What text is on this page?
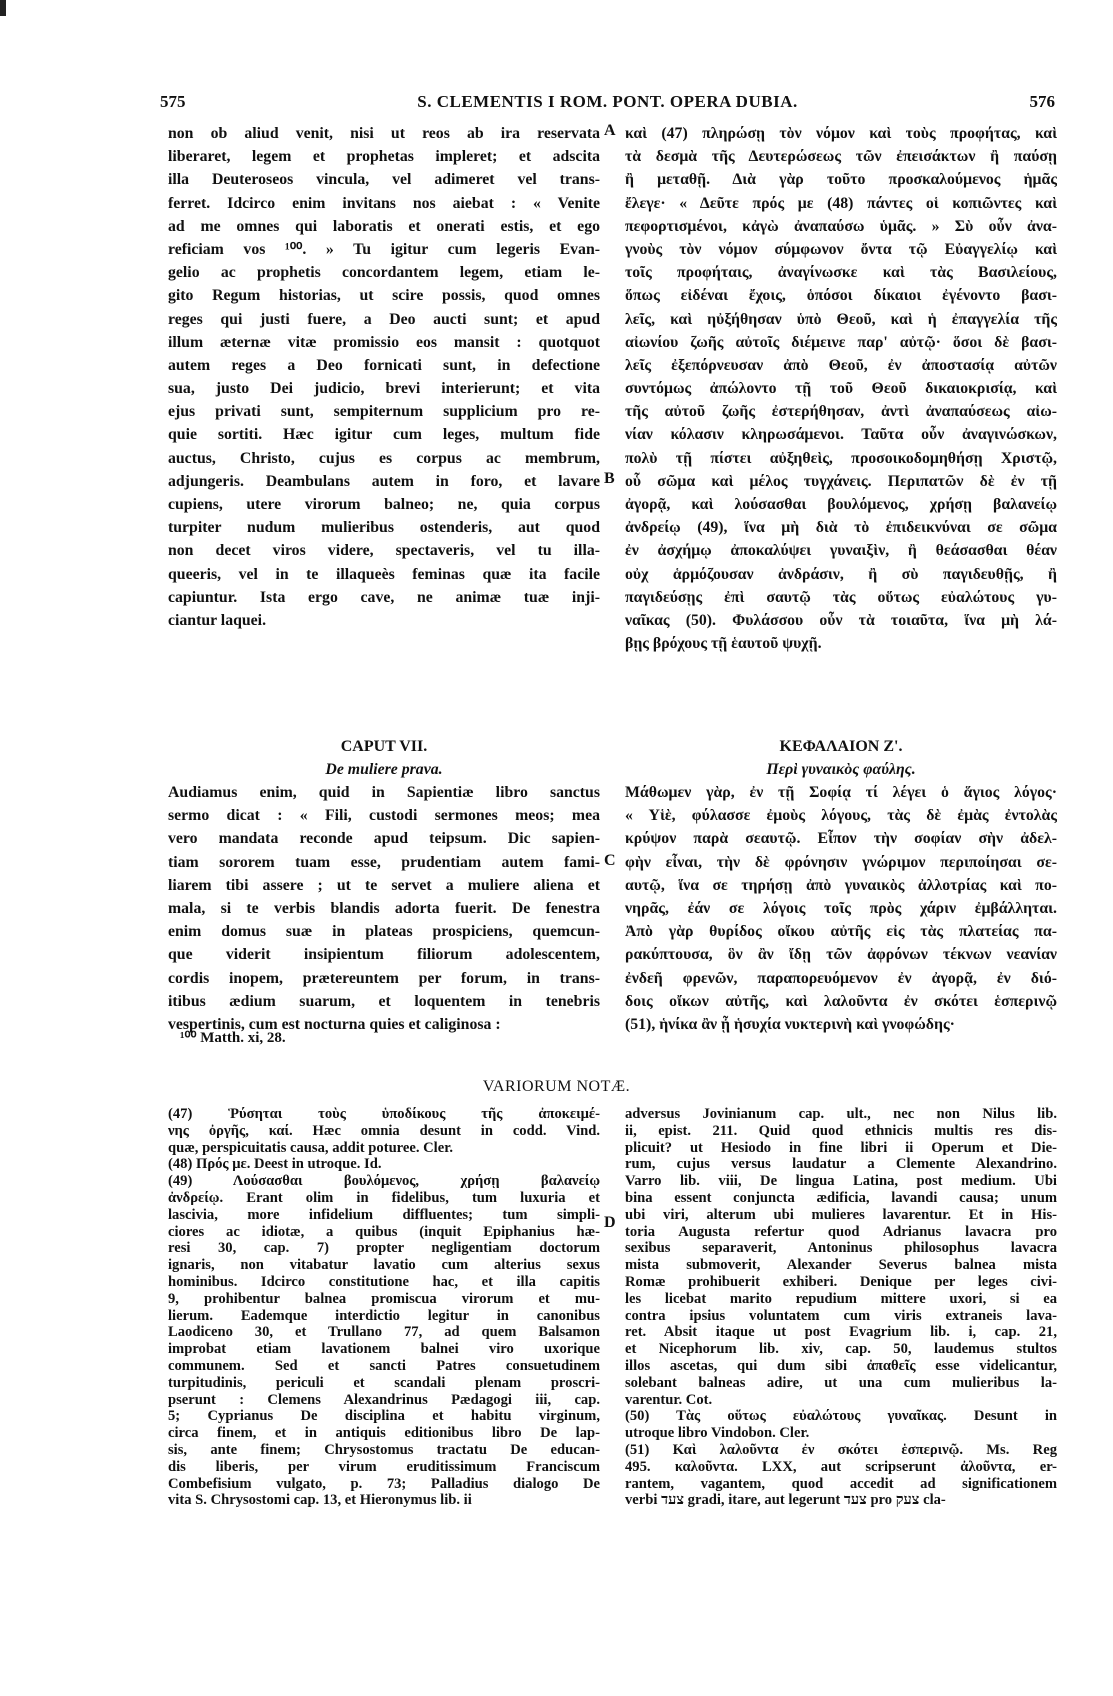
575	S. CLEMENTIS I ROM. PONT. OPERA DUBIA.	576
non ob aliud venit, nisi ut reos ab ira reservata
liberaret, legem et prophetas impleret; et adscita
illa Deuteroseos vincula, vel adimeret vel trans-
ferret. Idcirco enim invitans nos aiebat : « Venite
ad me omnes qui laboratis et onerati estis, et ego
reficiam vos ¹⁰⁰. » Tu igitur cum legeris Evan-
gelio ac prophetis concordantem legem, etiam le-
gito Regum historias, ut scire possis, quod omnes
reges qui justi fuere, a Deo aucti sunt; et apud
illum æternæ vitæ promissio eos mansit : quotquot
autem reges a Deo fornicati sunt, in defectione
sua, justo Dei judicio, brevi interierunt; et vita
ejus privati sunt, sempiternum supplicium pro re-
quie sortiti. Hæc igitur cum leges, multum fide
auctus, Christo, cujus es corpus ac membrum,
adjungeris. Deambulans autem in foro, et lavare
cupiens, utere virorum balneo; ne, quia corpus
turpiter nudum mulieribus ostenderis, aut quod
non decet viros videre, spectaveris, vel tu illa-
queeris, vel in te illaqueès feminas quæ ita facile
capiuntur. Ista ergo cave, ne animæ tuæ inji-
ciantur laquei.
καὶ (47) πληρώσῃ τὸν νόμον καὶ τοὺς προφήτας, καὶ
τὰ δεσμὰ τῆς Δευτερώσεως τῶν ἐπεισάκτων ἢ παύσῃ
ἢ μεταθῇ. Διὰ γὰρ τοῦτο προσκαλούμενος ἡμᾶς
ἔλεγε· « Δεῦτε πρός με (48) πάντες οἱ κοπιῶντες καὶ
πεφορτισμένοι, κἀγὼ ἀναπαύσω ὑμᾶς. » Σὺ οὖν ἀνα-
γνοὺς τὸν νόμον σύμφωνον ὄντα τῷ Εὐαγγελίῳ καὶ
τοῖς προφήταις, ἀναγίνωσκε καὶ τὰς Βασιλείους,
ὅπως εἰδέναι ἔχοις, ὁπόσοι δίκαιοι ἐγένοντο βασι-
λεῖς, καὶ ηὐξήθησαν ὑπὸ Θεοῦ, καὶ ἡ ἐπαγγελία τῆς
αἰωνίου ζωῆς αὐτοῖς διέμεινε παρ' αὐτῷ· ὅσοι δὲ βασι-
λεῖς ἐξεπόρνευσαν ἀπὸ Θεοῦ, ἐν ἀποστασίᾳ αὐτῶν
συντόμως ἀπώλοντο τῇ τοῦ Θεοῦ δικαιοκρισίᾳ, καὶ
τῆς αὐτοῦ ζωῆς ἐστερήθησαν, ἀντὶ ἀναπαύσεως αἰω-
νίαν κόλασιν κληρωσάμενοι. Ταῦτα οὖν ἀναγινώσκων,
πολὺ τῇ πίστει αὐξηθεὶς, προσοικοδομηθήσῃ Χριστῷ,
οὗ σῶμα καὶ μέλος τυγχάνεις. Περιπατῶν δὲ ἐν τῇ
ἀγορᾷ, καὶ λούσασθαι βουλόμενος, χρήσῃ βαλανείῳ
ἀνδρείῳ (49), ἵνα μὴ διὰ τὸ ἐπιδεικνύναι σε σῶμα
ἐν ἀσχήμῳ ἀποκαλύψει γυναιξὶν, ἢ θεάσασθαι θέαν
οὐχ ἁρμόζουσαν ἀνδράσιν, ἢ σὺ παγιδευθῇς, ἢ
παγιδεύσῃς ἐπὶ σαυτῷ τὰς οὕτως εὐαλώτους γυ-
ναῖκας (50). Φυλάσσου οὖν τὰ τοιαῦτα, ἵνα μὴ λά-
βῃς βρόχους τῇ ἑαυτοῦ ψυχῇ.
A
B
C
D
CAPUT VII.
De muliere prava.
Audiamus enim, quid in Sapientiæ libro sanctus
sermo dicat : « Fili, custodi sermones meos; mea
vero mandata reconde apud teipsum. Dic sapien-
tiam sororem tuam esse, prudentiam autem fami-
liarem tibi assere ; ut te servet a muliere aliena et
mala, si te verbis blandis adorta fuerit. De fenestra
enim domus suæ in plateas prospiciens, quemcun-
que viderit insipientum filiorum adolescentem,
cordis inopem, prætereuntem per forum, in trans-
itibus ædium suarum, et loquentem in tenebris
vespertinis, cum est nocturna quies et caliginosa :
ΚΕΦΑΛΑΙΟΝ Ζ'.
Περὶ γυναικὸς φαύλης.
Μάθωμεν γὰρ, ἐν τῇ Σοφίᾳ τί λέγει ὁ ἅγιος λόγος·
« Υἱὲ, φύλασσε ἐμοὺς λόγους, τὰς δὲ ἐμὰς ἐντολὰς
κρύψον παρὰ σεαυτῷ. Εἶπον τὴν σοφίαν σὴν ἀδελ-
φὴν εἶναι, τὴν δὲ φρόνησιν γνώριμον περιποίησαι σε-
αυτῷ, ἵνα σε τηρήσῃ ἀπὸ γυναικὸς ἀλλοτρίας καὶ πο-
νηρᾶς, ἐάν σε λόγοις τοῖς πρὸς χάριν ἐμβάλληται.
Ἀπὸ γὰρ θυρίδος οἴκου αὐτῆς εἰς τὰς πλατείας πα-
ρακύπτουσα, ὃν ἂν ἴδῃ τῶν ἀφρόνων τέκνων νεανίαν
ἐνδεῆ φρενῶν, παραπορευόμενον ἐν ἀγορᾷ, ἐν διό-
δοις οἴκων αὐτῆς, καὶ λαλοῦντα ἐν σκότει ἑσπερινῷ
(51), ἡνίκα ἂν ᾖ ἡσυχία νυκτερινὴ καὶ γνοφώδης·
¹⁰⁰ Matth. xi, 28.
VARIORUM NOTÆ.
(47) Ῥύσηται τοὺς ὑποδίκους τῆς ἀποκειμέ-
νης ὀργῆς, καί. Hæc omnia desunt in codd. Vind.
quæ, perspicuitatis causa, addit poturee. Cler.
(48) Πρός με. Deest in utroque. Id.
(49) Λούσασθαι βουλόμενος, χρήσῃ βαλανείῳ
ἀνδρείῳ. Erant olim in fidelibus, tum luxuria et
lascivia, more infidelium diffluentes; tum simpli-
ciores ac idiotæ, a quibus (inquit Epiphanius hæ-
resi 30, cap. 7) propter negligentiam doctorum
ignaris, non vitabatur lavatio cum alterius sexus
hominibus. Idcirco constitutione hac, et illa capitis
9, prohibentur balnea promiscua virorum et mu-
lierum. Eademque interdictio legitur in canonibus
Laodiceno 30, et Trullano 77, ad quem Balsamon
improbat etiam lavationem balnei viro uxorique
communem. Sed et sancti Patres consuetudinem
turpitudinis, periculi et scandali plenam proscri-
pserunt : Clemens Alexandrinus Pædagogi iii, cap.
5; Cyprianus De disciplina et habitu virginum,
circa finem, et in antiquis editionibus libro De lap-
sis, ante finem; Chrysostomus tractatu De educan-
dis liberis, per virum eruditissimum Franciscum
Combefisium vulgato, p. 73; Palladius dialogo De
vita S. Chrysostomi cap. 13, et Hieronymus lib. ii
adversus Jovinianum cap. ult., nec non Nilus lib.
ii, epist. 211. Quid quod ethnicis multis res dis-
plicuit? ut Hesiodo in fine libri ii Operum et Die-
rum, cujus versus laudatur a Clemente Alexandrino.
Varro lib. viii, De lingua Latina, post medium. Ubi
bina essent conjuncta ædificia, lavandi causa; unum
ubi viri, alterum ubi mulieres lavarentur. Et in His-
toria Augusta refertur quod Adrianus lavacra pro
sexibus separaverit, Antoninus philosophus lavacra
mista submoverit, Alexander Severus balnea mista
Romæ prohibuerit exhiberi. Denique per leges civi-
les licebat marito repudium mittere uxori, si ea
contra ipsius voluntatem cum viris extraneis lava-
ret. Absit itaque ut post Evagrium lib. i, cap. 21,
et Nicephorum lib. xiv, cap. 50, laudemus stultos
illos ascetas, qui dum sibi ἀπαθεῖς esse videlicantur,
solebant balneas adire, ut una cum mulieribus la-
varentur. Cot.
(50) Τὰς οὕτως εὐαλώτους γυναῖκας. Desunt in
utroque libro Vindobon. Cler.
(51) Καὶ λαλοῦντα ἐν σκότει ἑσπερινῷ. Ms. Reg
495. καλοῦντα. LXX, aut scripserunt ἀλοῦντα, er-
rantem, vagantem, quod accedit ad significationem
verbi צעד gradi, itare, aut legerunt צעד pro צעק cla-
